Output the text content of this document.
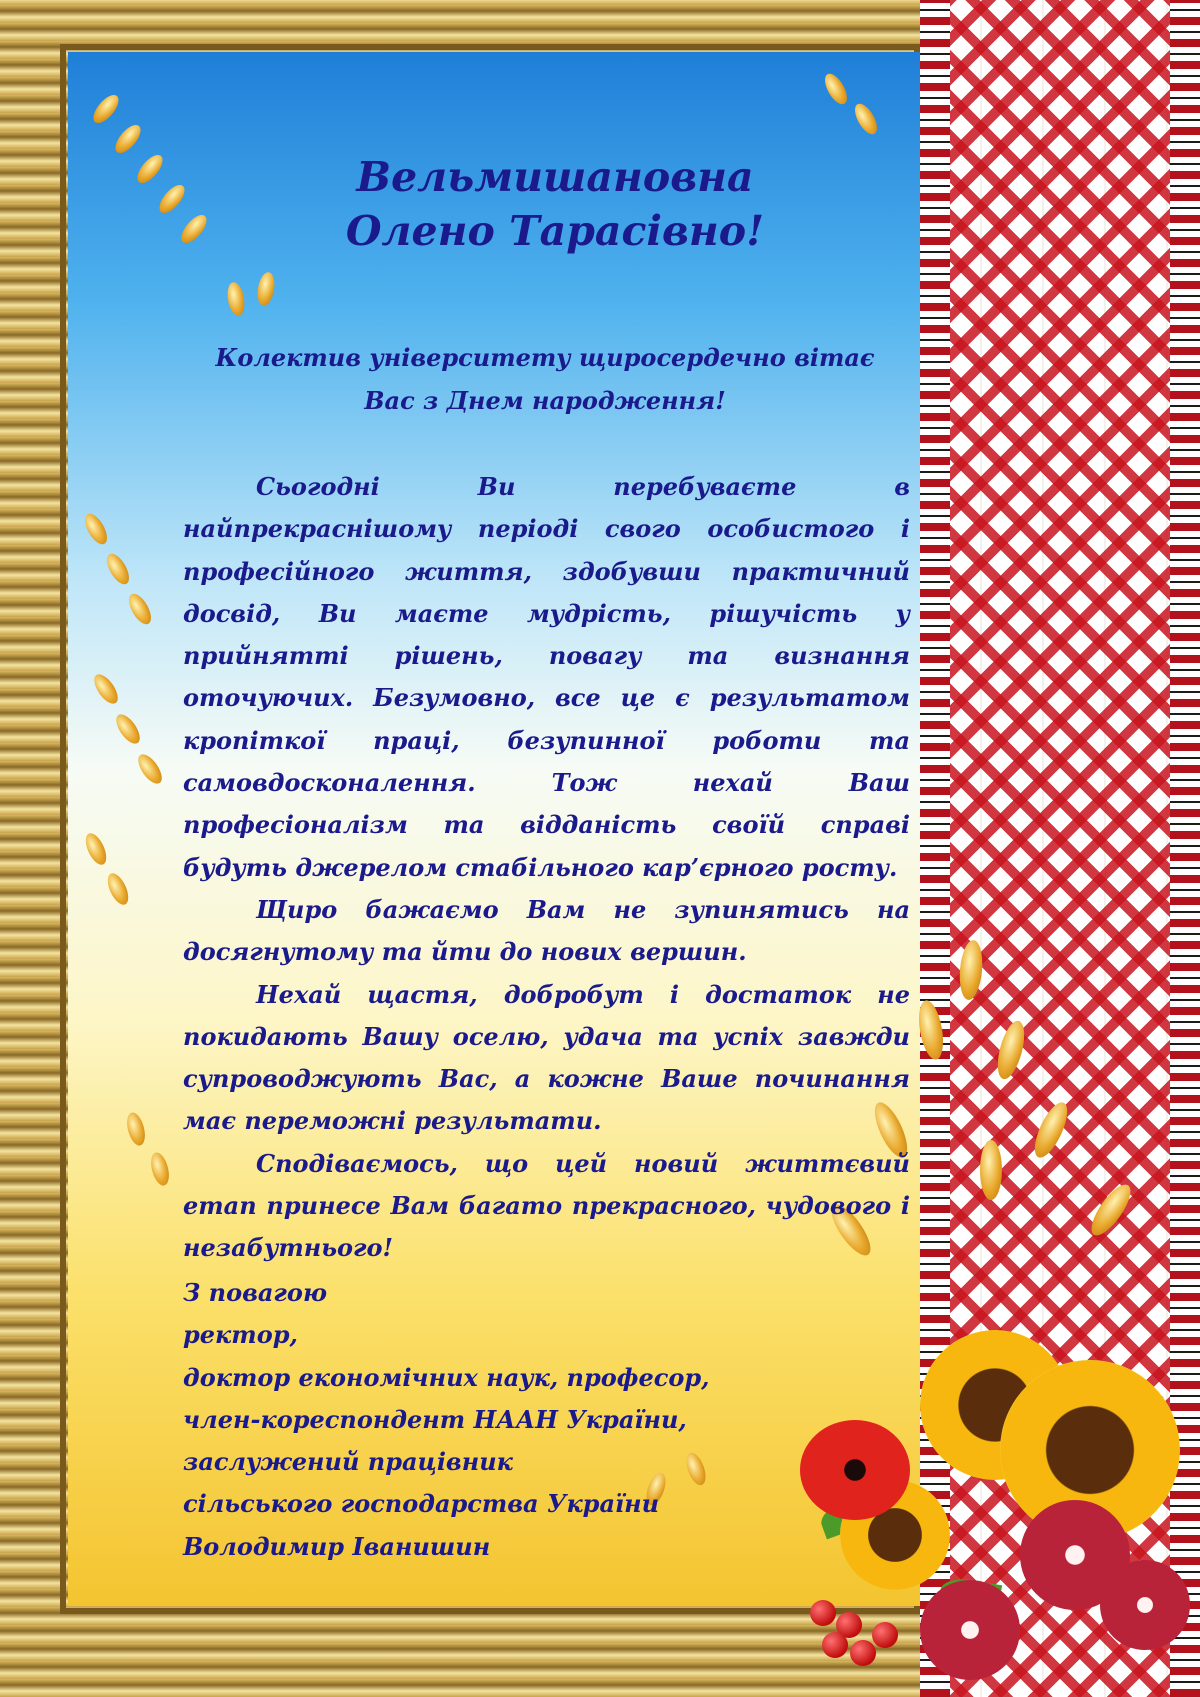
Вельмишановна
Олено Тарасівно!
Колектив університету щиросердечно вітає
Вас з Днем народження!

Сьогодні Ви перебуваєте в найпрекраснішому періоді свого особистого і професійного життя, здобувши практичний досвід, Ви маєте мудрість, рішучість у прийнятті рішень, повагу та визнання оточуючих. Безумовно, все це є результатом кропіткої праці, безупинної роботи та самовдосконалення. Тож нехай Ваш професіоналізм та відданість своїй справі будуть джерелом стабільного кар’єрного росту.

Щиро бажаємо Вам не зупинятись на досягнутому та йти до нових вершин.

Нехай щастя, добробут і достаток не покидають Вашу оселю, удача та успіх завжди супроводжують Вас, а кожне Ваше починання має переможні результати.

Сподіваємось, що цей новий життєвий етап принесе Вам багато прекрасного, чудового і незабутнього!

З повагою
ректор,
доктор економічних наук, професор,
член-кореспондент НААН України,
заслужений працівник
сільського господарства України
Володимир Іванишин
